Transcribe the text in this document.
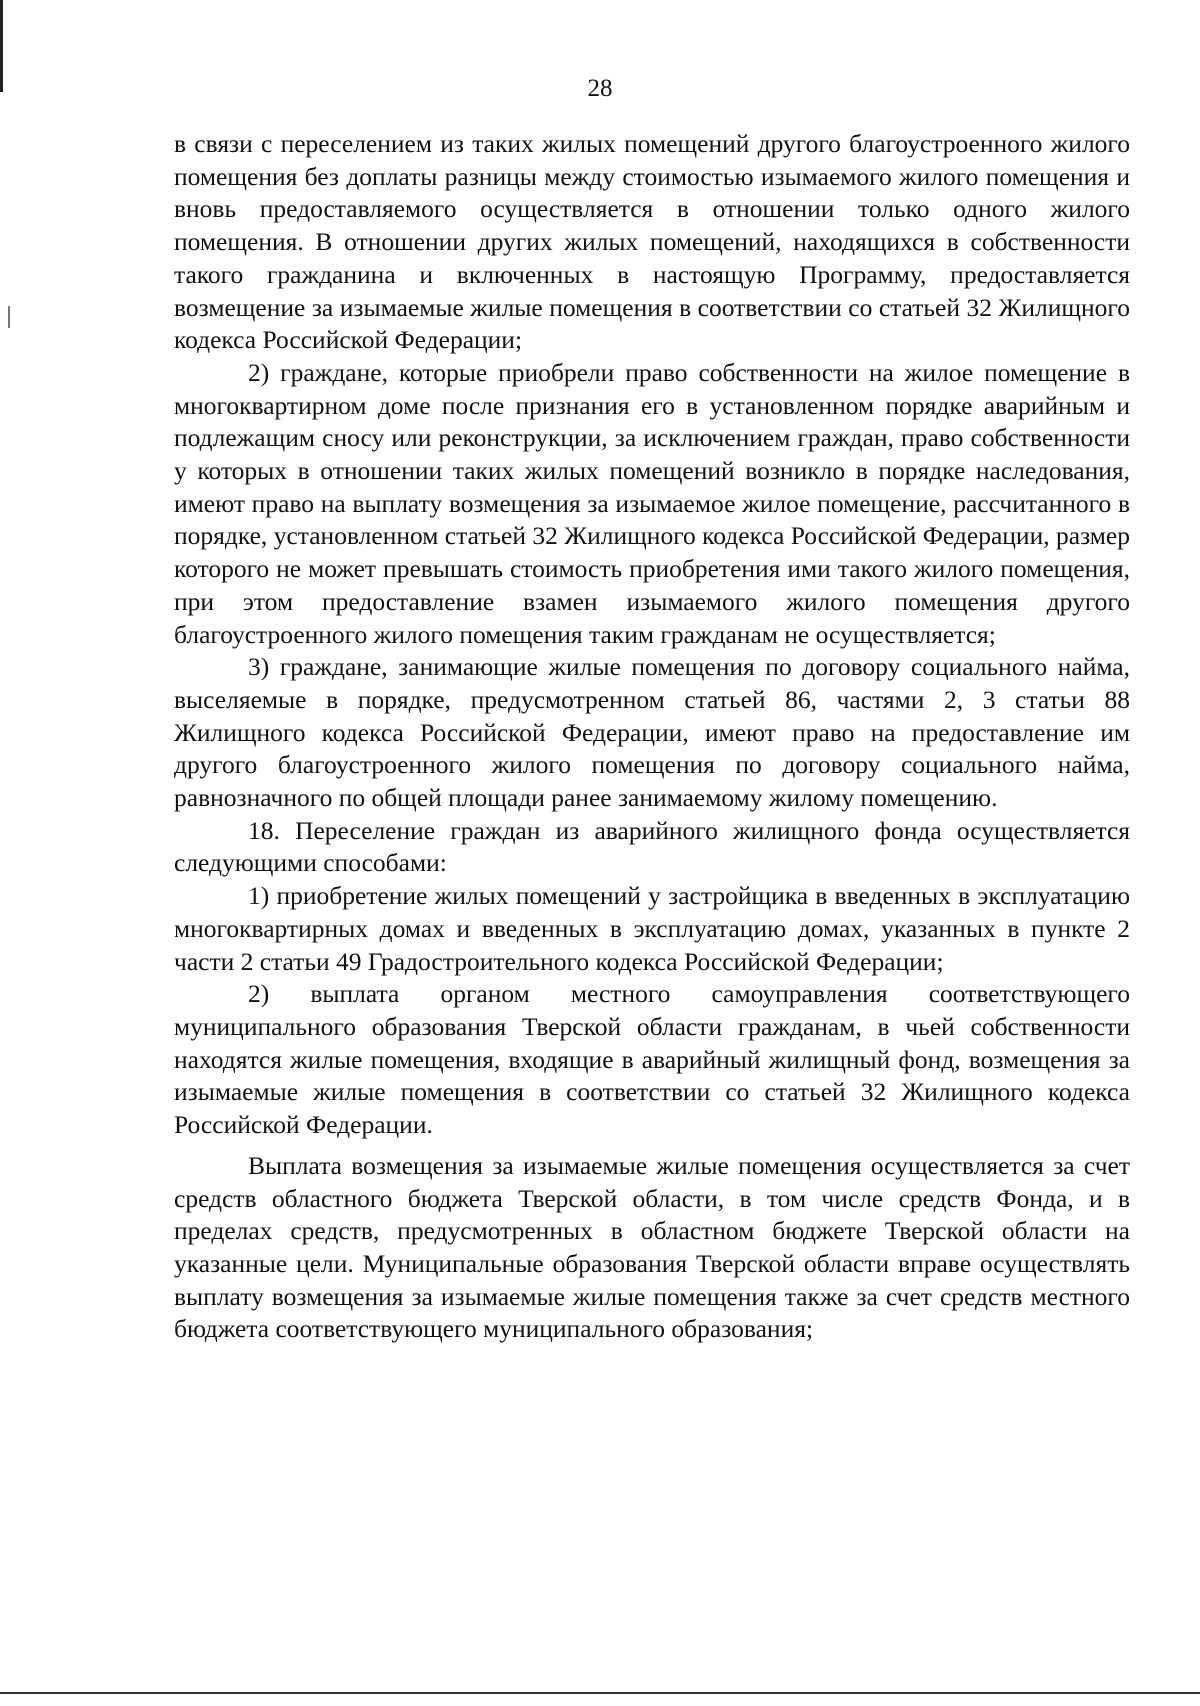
28

в связи с переселением из таких жилых помещений другого благоустроенного жилого помещения без доплаты разницы между стоимостью изымаемого жилого помещения и вновь предоставляемого осуществляется в отношении только одного жилого помещения. В отношении других жилых помещений, находящихся в собственности такого гражданина и включенных в настоящую Программу, предоставляется возмещение за изымаемые жилые помещения в соответствии со статьей 32 Жилищного кодекса Российской Федерации;

2) граждане, которые приобрели право собственности на жилое помещение в многоквартирном доме после признания его в установленном порядке аварийным и подлежащим сносу или реконструкции, за исключением граждан, право собственности у которых в отношении таких жилых помещений возникло в порядке наследования, имеют право на выплату возмещения за изымаемое жилое помещение, рассчитанного в порядке, установленном статьей 32 Жилищного кодекса Российской Федерации, размер которого не может превышать стоимость приобретения ими такого жилого помещения, при этом предоставление взамен изымаемого жилого помещения другого благоустроенного жилого помещения таким гражданам не осуществляется;

3) граждане, занимающие жилые помещения по договору социального найма, выселяемые в порядке, предусмотренном статьей 86, частями 2, 3 статьи 88 Жилищного кодекса Российской Федерации, имеют право на предоставление им другого благоустроенного жилого помещения по договору социального найма, равнозначного по общей площади ранее занимаемому жилому помещению.

18. Переселение граждан из аварийного жилищного фонда осуществляется следующими способами:

1) приобретение жилых помещений у застройщика в введенных в эксплуатацию многоквартирных домах и введенных в эксплуатацию домах, указанных в пункте 2 части 2 статьи 49 Градостроительного кодекса Российской Федерации;

2) выплата органом местного самоуправления соответствующего муниципального образования Тверской области гражданам, в чьей собственности находятся жилые помещения, входящие в аварийный жилищный фонд, возмещения за изымаемые жилые помещения в соответствии со статьей 32 Жилищного кодекса Российской Федерации.

Выплата возмещения за изымаемые жилые помещения осуществляется за счет средств областного бюджета Тверской области, в том числе средств Фонда, и в пределах средств, предусмотренных в областном бюджете Тверской области на указанные цели. Муниципальные образования Тверской области вправе осуществлять выплату возмещения за изымаемые жилые помещения также за счет средств местного бюджета соответствующего муниципального образования;
